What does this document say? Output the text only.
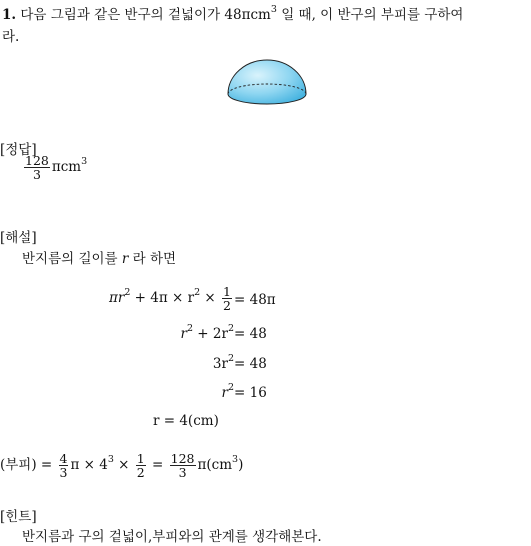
1. 다음 그림과 같은 반구의 겉넓이가 48πcm$^3$ 일 때, 이 반구의 부피를 구하여
라.
[정답]
$\frac{128}{3} \pi cm^3$
[해설]
반지름의 길이를 r 라 하면
$\pi r^2 + 4\pi \times r^2 \times \frac{1}{2} = 48\pi$
$r^2 + 2r^2 = 48$
$3r^2 = 48$
$r^2 = 16$
r = 4(cm)
(부피) = $\frac{4}{3}$ $\pi \times 4^3 \times \frac{1}{2} = \frac{128}{3} \pi(cm^3)$
[힌트]
반지름과 구의 겉넓이,부피와의 관계를 생각해본다.
